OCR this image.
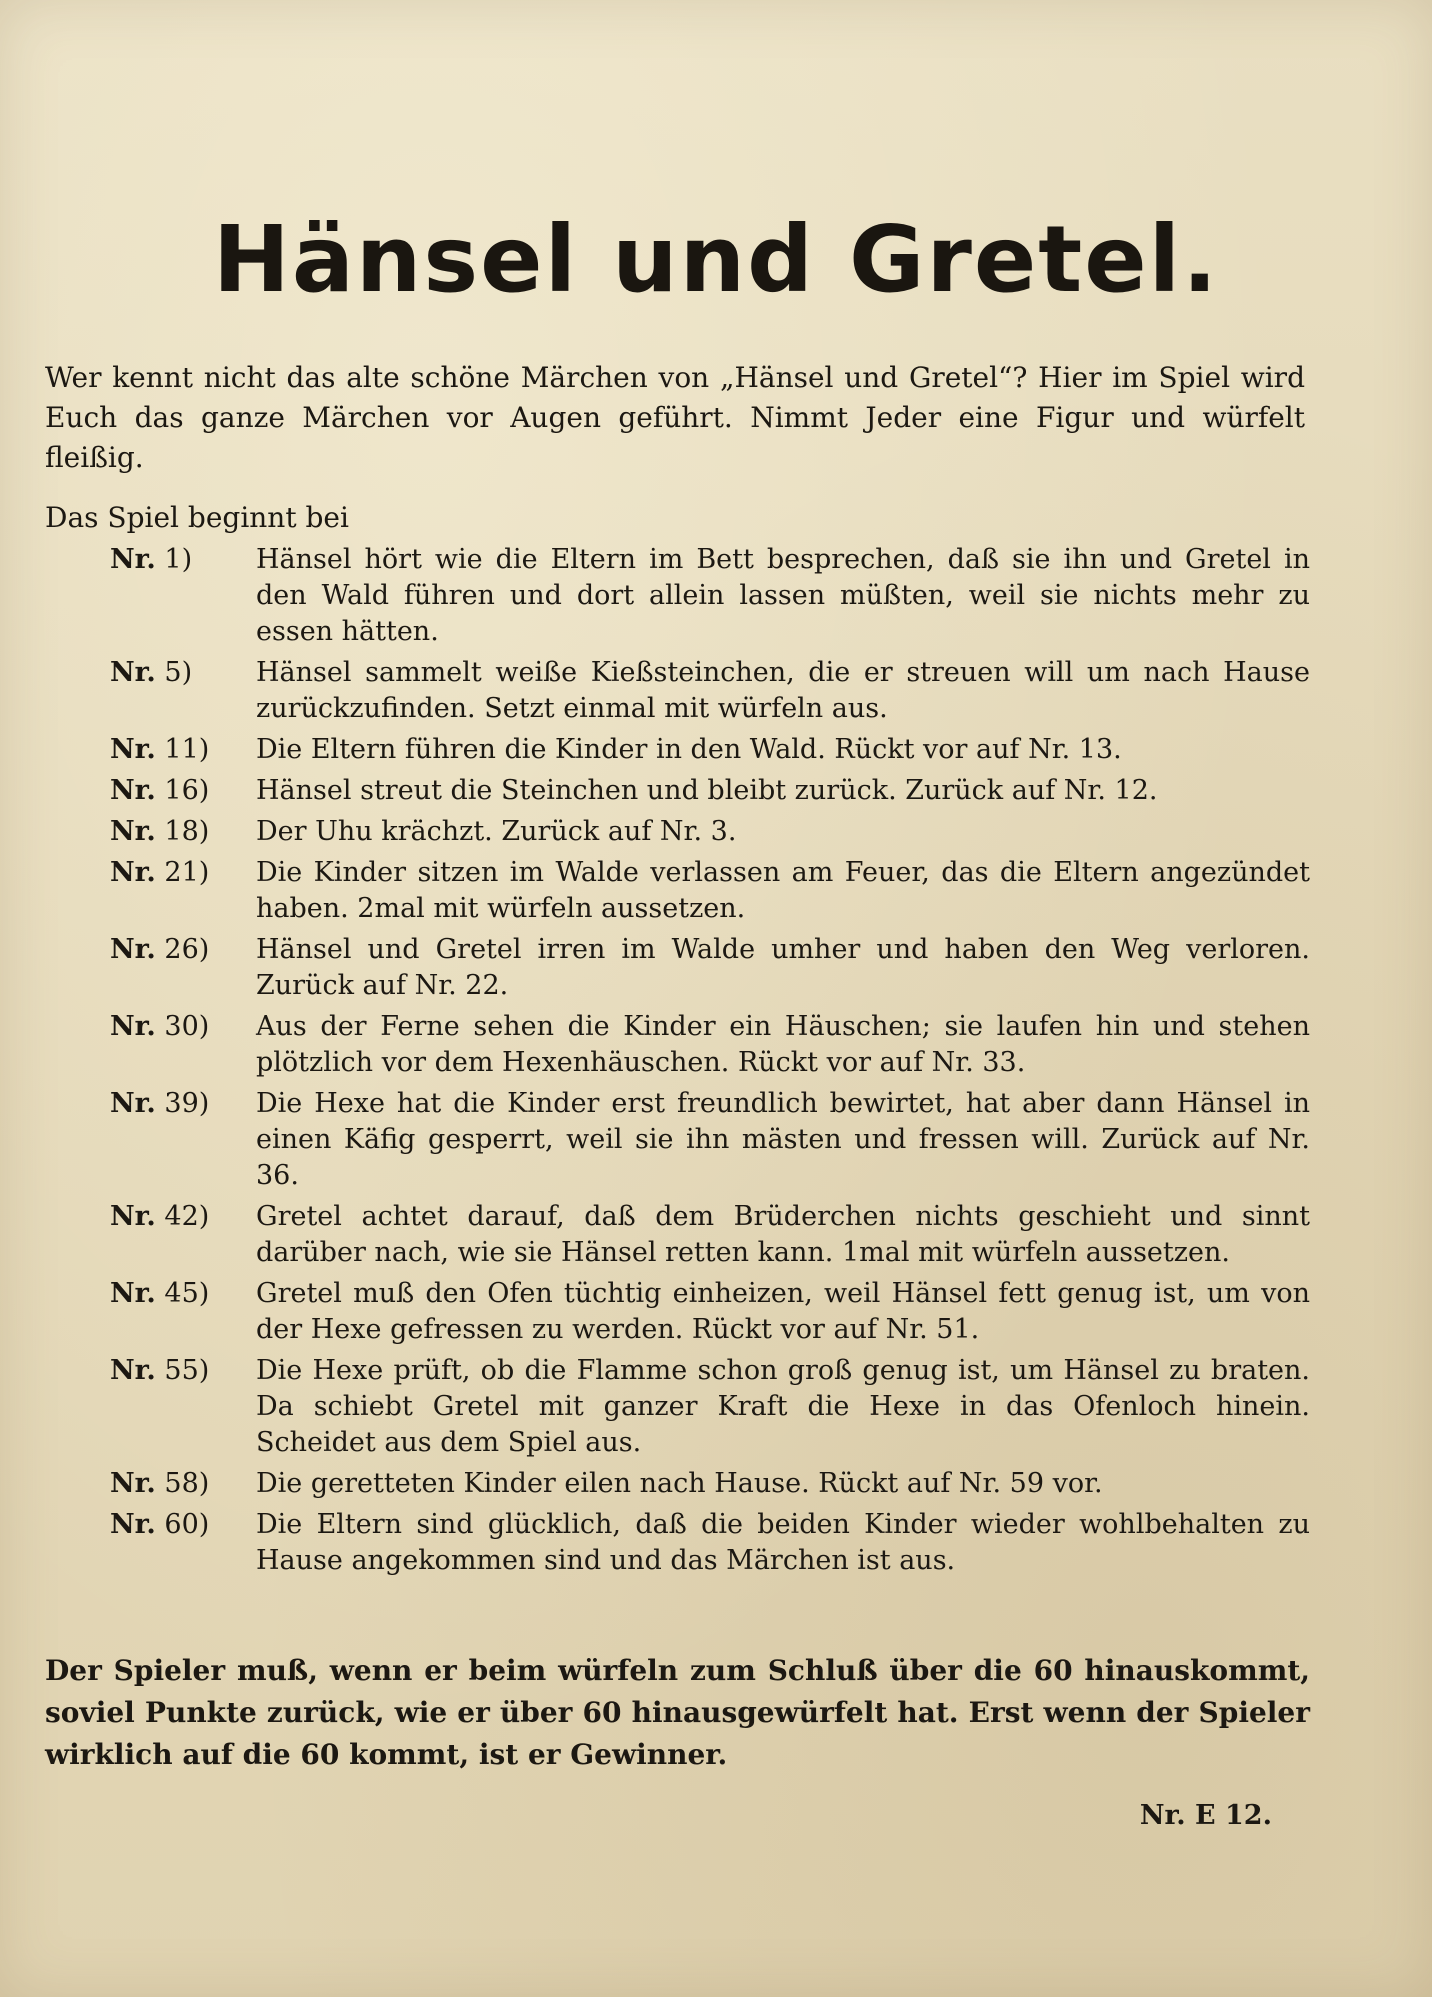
Hänsel und Gretel.

Wer kennt nicht das alte schöne Märchen von „Hänsel und Gretel“? Hier im Spiel wird Euch das ganze Märchen vor Augen geführt. Nimmt Jeder eine Figur und würfelt fleißig.

Das Spiel beginnt bei

Nr. 1)	Hänsel hört wie die Eltern im Bett besprechen, daß sie ihn und Gretel in den Wald führen und dort allein lassen müßten, weil sie nichts mehr zu essen hätten.
Nr. 5)	Hänsel sammelt weiße Kießsteinchen, die er streuen will um nach Hause zurückzufinden. Setzt einmal mit würfeln aus.
Nr. 11)	Die Eltern führen die Kinder in den Wald. Rückt vor auf Nr. 13.
Nr. 16)	Hänsel streut die Steinchen und bleibt zurück. Zurück auf Nr. 12.
Nr. 18)	Der Uhu krächzt. Zurück auf Nr. 3.
Nr. 21)	Die Kinder sitzen im Walde verlassen am Feuer, das die Eltern angezündet haben. 2mal mit würfeln aussetzen.
Nr. 26)	Hänsel und Gretel irren im Walde umher und haben den Weg verloren. Zurück auf Nr. 22.
Nr. 30)	Aus der Ferne sehen die Kinder ein Häuschen; sie laufen hin und stehen plötzlich vor dem Hexenhäuschen. Rückt vor auf Nr. 33.
Nr. 39)	Die Hexe hat die Kinder erst freundlich bewirtet, hat aber dann Hänsel in einen Käfig gesperrt, weil sie ihn mästen und fressen will. Zurück auf Nr. 36.
Nr. 42)	Gretel achtet darauf, daß dem Brüderchen nichts geschieht und sinnt darüber nach, wie sie Hänsel retten kann. 1mal mit würfeln aussetzen.
Nr. 45)	Gretel muß den Ofen tüchtig einheizen, weil Hänsel fett genug ist, um von der Hexe gefressen zu werden. Rückt vor auf Nr. 51.
Nr. 55)	Die Hexe prüft, ob die Flamme schon groß genug ist, um Hänsel zu braten. Da schiebt Gretel mit ganzer Kraft die Hexe in das Ofenloch hinein. Scheidet aus dem Spiel aus.
Nr. 58)	Die geretteten Kinder eilen nach Hause. Rückt auf Nr. 59 vor.
Nr. 60)	Die Eltern sind glücklich, daß die beiden Kinder wieder wohlbehalten zu Hause angekommen sind und das Märchen ist aus.

Der Spieler muß, wenn er beim würfeln zum Schluß über die 60 hinauskommt, soviel Punkte zurück, wie er über 60 hinausgewürfelt hat. Erst wenn der Spieler wirklich auf die 60 kommt, ist er Gewinner.

Nr. E 12.
